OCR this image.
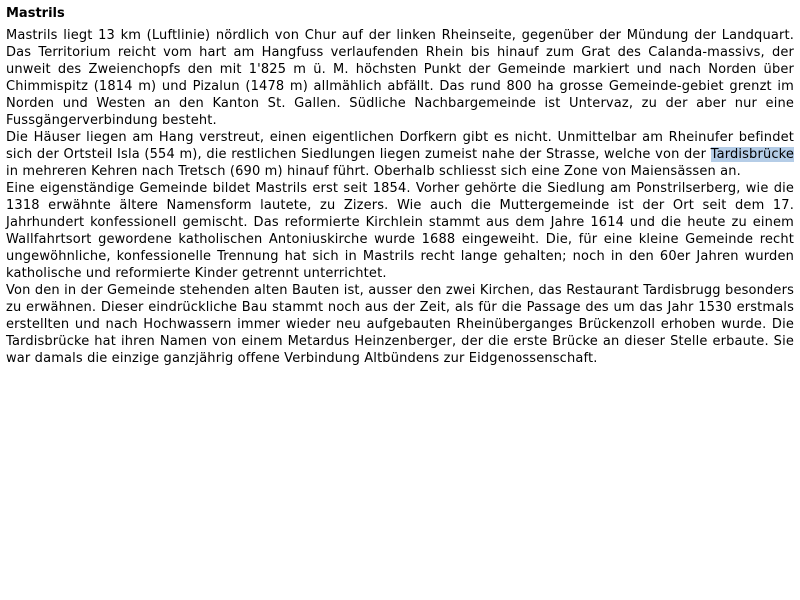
Mastrils
Mastrils liegt 13 km (Luftlinie) nördlich von Chur auf der linken Rheinseite, gegenüber der Mündung der Landquart. Das Territorium reicht vom hart am Hangfuss verlaufenden Rhein bis hinauf zum Grat des Calanda-massivs, der unweit des Zweienchopfs den mit 1'825 m ü. M. höchsten Punkt der Gemeinde markiert und nach Norden über Chimmispitz (1814 m) und Pizalun (1478 m) allmählich abfällt. Das rund 800 ha grosse Gemeinde-gebiet grenzt im Norden und Westen an den Kanton St. Gallen. Südliche Nachbargemeinde ist Untervaz, zu der aber nur eine Fussgängerverbindung besteht.
Die Häuser liegen am Hang verstreut, einen eigentlichen Dorfkern gibt es nicht. Unmittelbar am Rheinufer befindet sich der Ortsteil Isla (554 m), die restlichen Siedlungen liegen zumeist nahe der Strasse, welche von der Tardisbrücke in mehreren Kehren nach Tretsch (690 m) hinauf führt. Oberhalb schliesst sich eine Zone von Maiensässen an.
Eine eigenständige Gemeinde bildet Mastrils erst seit 1854. Vorher gehörte die Siedlung am Ponstrilserberg, wie die 1318 erwähnte ältere Namensform lautete, zu Zizers. Wie auch die Muttergemeinde ist der Ort seit dem 17. Jahrhundert konfessionell gemischt. Das reformierte Kirchlein stammt aus dem Jahre 1614 und die heute zu einem Wallfahrtsort gewordene katholischen Antoniuskirche wurde 1688 eingeweiht. Die, für eine kleine Gemeinde recht ungewöhnliche, konfessionelle Trennung hat sich in Mastrils recht lange gehalten; noch in den 60er Jahren wurden katholische und reformierte Kinder getrennt unterrichtet.
Von den in der Gemeinde stehenden alten Bauten ist, ausser den zwei Kirchen, das Restaurant Tardisbrugg besonders zu erwähnen. Dieser eindrückliche Bau stammt noch aus der Zeit, als für die Passage des um das Jahr 1530 erstmals erstellten und nach Hochwassern immer wieder neu aufgebauten Rheinüberganges Brückenzoll erhoben wurde. Die Tardisbrücke hat ihren Namen von einem Metardus Heinzenberger, der die erste Brücke an dieser Stelle erbaute. Sie war damals die einzige ganzjährig offene Verbindung Altbündens zur Eidgenossenschaft.
